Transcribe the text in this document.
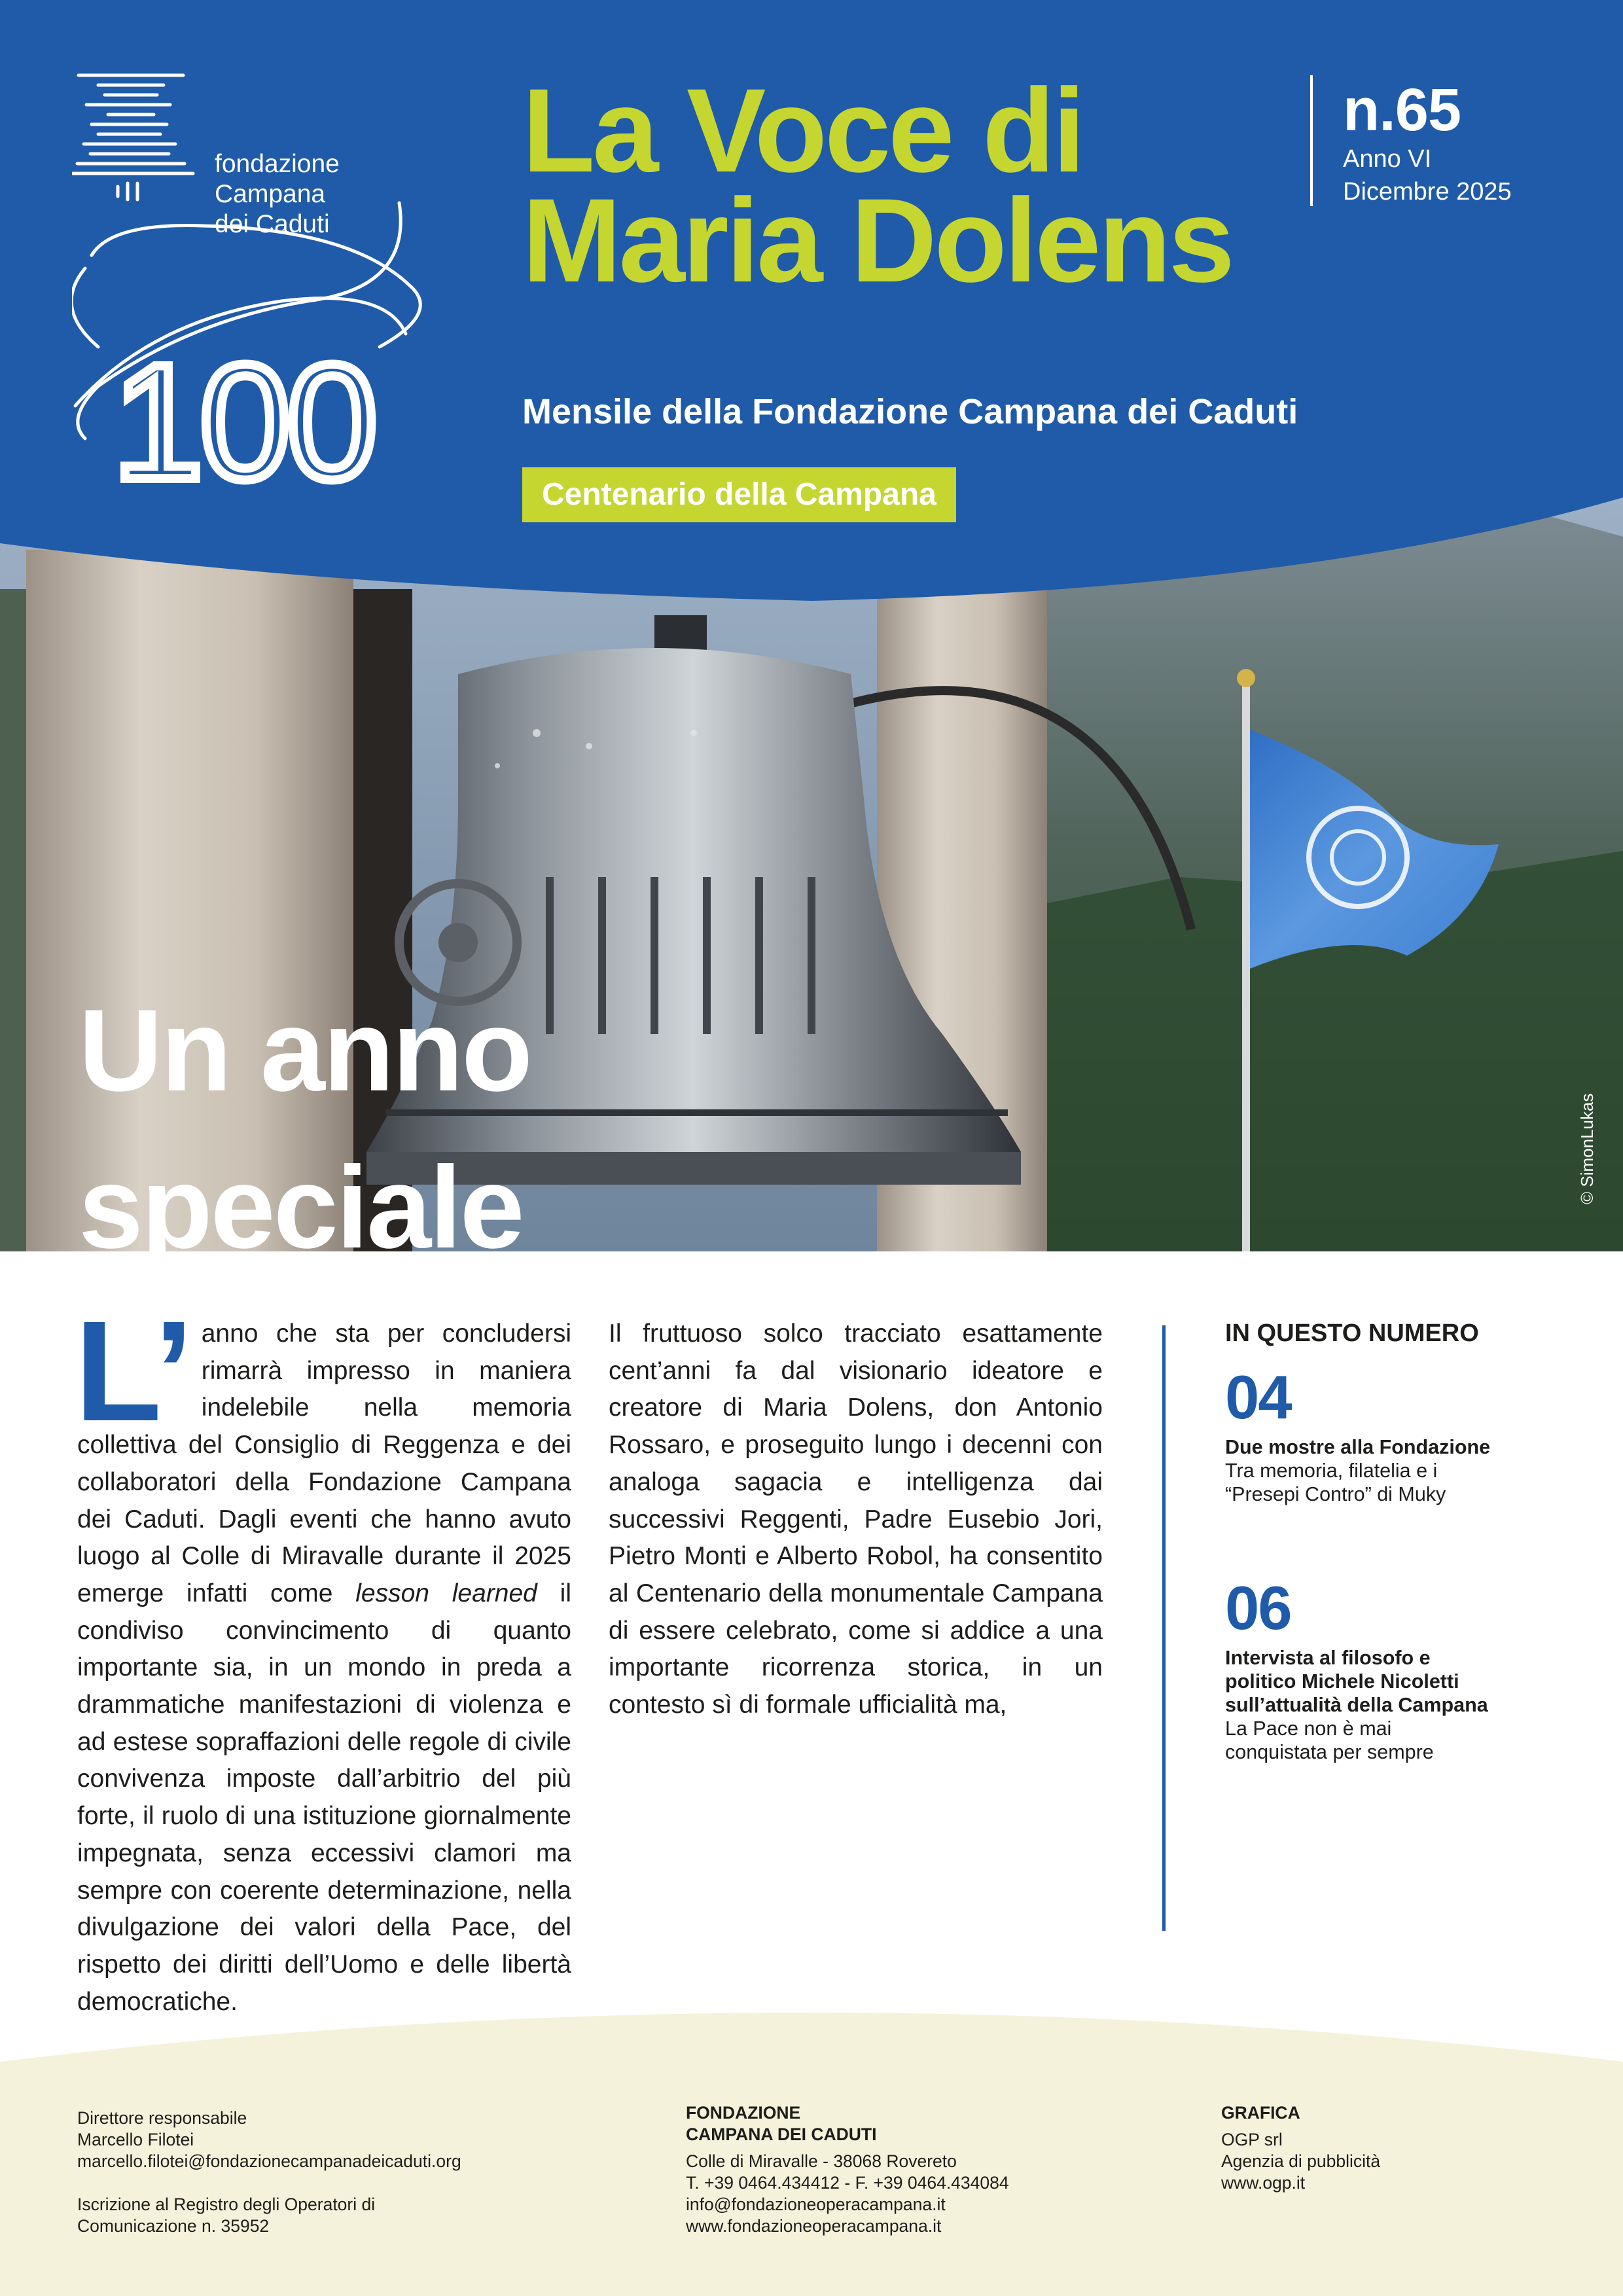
fondazione
Campana
dei Caduti
100
La Voce di
Maria Dolens
n.65
Anno VI
Dicembre 2025
Mensile della Fondazione Campana dei Caduti
Centenario della Campana
Un anno
speciale	© SimonLukas
L’ anno che sta per concludersi rimarrà impresso in maniera indelebile nella memoria collettiva del Consiglio di Reggenza e dei collaboratori della Fondazione Campana dei Caduti. Dagli eventi che hanno avuto luogo al Colle di Miravalle durante il 2025 emerge infatti come lesson learned il condiviso convincimento di quanto importante sia, in un mondo in preda a drammatiche manifestazioni di violenza e ad estese sopraffazioni delle regole di civile convivenza imposte dall’arbitrio del più forte, il ruolo di una istituzione giornalmente impegnata, senza eccessivi clamori ma sempre con coerente determinazione, nella divulgazione dei valori della Pace, del rispetto dei diritti dell’Uomo e delle libertà democratiche.

Il fruttuoso solco tracciato esattamente cent’anni fa dal visionario ideatore e creatore di Maria Dolens, don Antonio Rossaro, e proseguito lungo i decenni con analoga sagacia e intelligenza dai successivi Reggenti, Padre Eusebio Jori, Pietro Monti e Alberto Robol, ha consentito al Centenario della monumentale Campana di essere celebrato, come si addice a una importante ricorrenza storica, in un contesto sì di formale ufficialità ma,

IN QUESTO NUMERO
04
Due mostre alla Fondazione

Tra memoria, filatelia e i

“Presepi Contro” di Muky

06
Intervista al filosofo e
politico Michele Nicoletti
sull’attualità della Campana

La Pace non è mai

conquistata per sempre

Direttore responsabile
Marcello Filotei
marcello.filotei@fondazionecampanadeicaduti.org
Iscrizione al Registro degli Operatori di
Comunicazione n. 35952
FONDAZIONE
CAMPANA DEI CADUTI
Colle di Miravalle - 38068 Rovereto
T. +39 0464.434412 - F. +39 0464.434084
info@fondazioneoperacampana.it
www.fondazioneoperacampana.it
GRAFICA
OGP srl
Agenzia di pubblicità
www.ogp.it
